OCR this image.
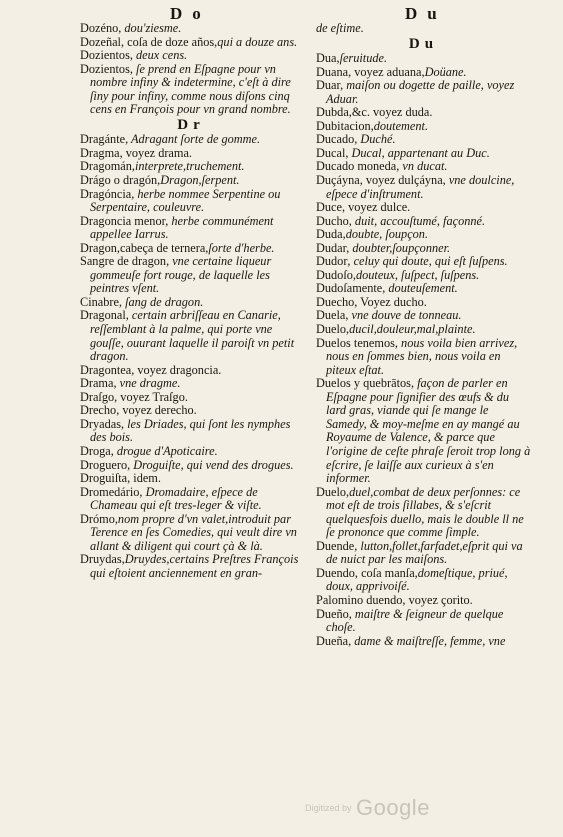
Do	Du

Dozéno, dou'ziesme.

Dozeñal, coſa de doze años,qui a douze ans.

Dozientos, deux cens.

Dozientos, ſe prend en Eſpagne pour vn nombre infiny & indetermine, c'eſt à dire ſiny pour infiny, comme nous diſons cinq cens en François pour vn grand nombre.

Dr

Dragánte, Adragant ſorte de gomme.

Dragma, voyez drama.

Dragomán,interprete,truchement.

Drágo o dragón,Dragon,ſerpent.

Dragóncia, herbe nommee Serpentine ou Serpentaire, couleuvre.

Dragoncia menor, herbe communément appellee Iarrus.

Dragon,cabeça de ternera,ſorte d'herbe.

Sangre de dragon, vne certaine liqueur gommeuſe fort rouge, de laquelle les peintres vſent.

Cinabre, ſang de dragon.

Dragonal, certain arbriſſeau en Canarie, reſſemblant à la palme, qui porte vne gouſſe, ouurant laquelle il paroiſt vn petit dragon.

Dragontea, voyez dragoncia.

Drama, vne dragme.

Draſgo, voyez Traſgo.

Drecho, voyez derecho.

Dryadas, les Driades, qui ſont les nymphes des bois.

Droga, drogue d'Apoticaire.

Droguero, Droguiſte, qui vend des drogues.

Droguiſta, idem.

Dromedário, Dromadaire, eſpece de Chameau qui eſt tres-leger & viſte.

Drómo,nom propre d'vn valet,introduit par Terence en ſes Comedies, qui veult dire vn allant & diligent qui court çà & là.

Druydas,Druydes,certains Preſtres François qui eſtoient anciennement en gran-

de eſtime.

Du

Dua,ſeruitude.

Duana, voyez aduana,Doüane.

Duar, maiſon ou dogette de paille, voyez Aduar.

Dubda,&c. voyez duda.

Dubitacion,doutement.

Ducado, Duché.

Ducal, Ducal, appartenant au Duc.

Ducado moneda, vn ducat.

Duçáyna, voyez dulçáyna, vne doulcine, eſpece d'inſtrument.

Duce, voyez dulce.

Ducho, duit, accouſtumé, façonné.

Duda,doubte, ſoupçon.

Dudar, doubter,ſoupçonner.

Dudor, celuy qui doute, qui eſt ſuſpens.

Dudoſo,douteux, ſuſpect, ſuſpens.

Dudoſamente, douteuſement.

Duecho, Voyez ducho.

Duela, vne douve de tonneau.

Duelo,ducil,douleur,mal,plainte.

Duelos tenemos, nous voila bien arrivez, nous en ſommes bien, nous voila en piteux eſtat.

Duelos y quebrātos, façon de parler en Eſpagne pour ſignifier des œufs & du lard gras, viande qui ſe mange le Samedy, & moy-meſme en ay mangé au Royaume de Valence, & parce que l'origine de ceſte phraſe ſeroit trop long à eſcrire, ſe laiſſe aux curieux à s'en informer.

Duelo,duel,combat de deux perſonnes: ce mot eſt de trois ſillabes, & s'eſcrit quelquesfois duello, mais le double ll ne ſe prononce que comme ſimple.

Duende, lutton,follet,farfadet,eſprit qui va de nuict par les maiſons.

Duendo, coſa manſa,domeſtique, priué, doux, apprivoiſé.

Palomino duendo, voyez çorito.

Dueño, maiſtre & ſeigneur de quelque choſe.

Dueña, dame & maiſtreſſe, femme, vne

Digitized by Google
